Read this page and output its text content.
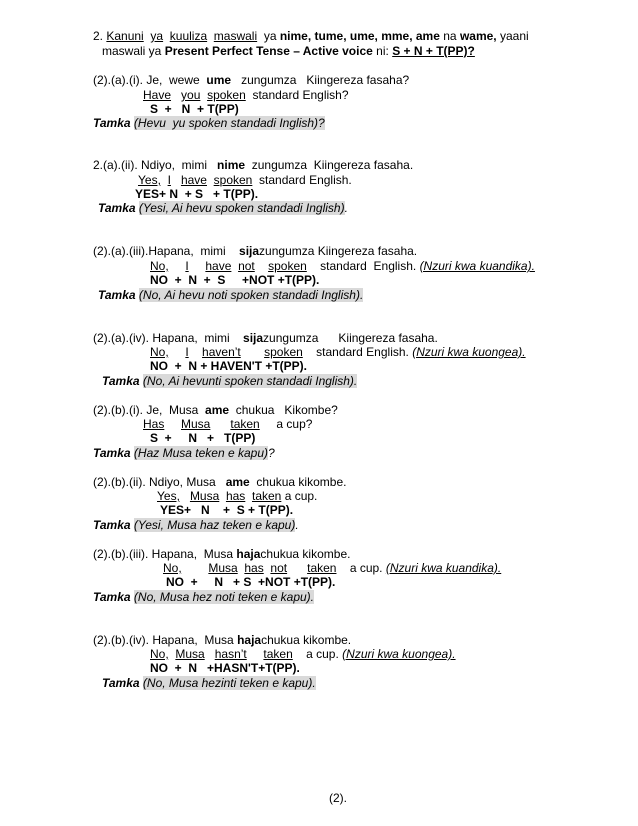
2. Kanuni ya kuuliza maswali ya nime, tume, ume, mme, ame na wame, yaani
maswali ya Present Perfect Tense – Active voice ni: S + N + T(PP)?
(2).(a).(i). Je,  wewe ume zungumza   Kiingereza fasaha?
Have you spoken standard English?
S  +   N  + T(PP)
Tamka (Hevu  yu spoken standadi Inglish)?
2.(a).(ii). Ndiyo,  mimi nime zungumza  Kiingereza fasaha.
Yes, I have spoken standard English.
YES+ N  + S   + T(PP).
Tamka (Yesi, Ai hevu spoken standadi Inglish).
(2).(a).(iii).Hapana,  mimi sijazungumza Kiingereza fasaha.
No, I have not spoken standard  English. (Nzuri kwa kuandika).
NO  +  N  +  S     +NOT +T(PP).
Tamka (No, Ai hevu noti spoken standadi Inglish).
(2).(a).(iv). Hapana,  mimi sijazungumza      Kiingereza fasaha.
No, I haven’t spoken standard English. (Nzuri kwa kuongea).
NO  +  N + HAVEN'T +T(PP).
Tamka (No, Ai hevunti spoken standadi Inglish).
(2).(b).(i). Je,  Musa ame chukua   Kikombe?
Has Musa taken a cup?
S  +     N   +   T(PP)
Tamka (Haz Musa teken e kapu)?
(2).(b).(ii). Ndiyo, Musa ame chukua kikombe.
Yes, Musa has taken a cup.
YES+   N    +  S + T(PP).
Tamka (Yesi, Musa haz teken e kapu).
(2).(b).(iii). Hapana,  Musa hajachukua kikombe.
No, Musa has not taken a cup. (Nzuri kwa kuandika).
NO  +     N   + S  +NOT +T(PP).
Tamka (No, Musa hez noti teken e kapu).
(2).(b).(iv). Hapana,  Musa hajachukua kikombe.
No, Musa hasn’t taken a cup. (Nzuri kwa kuongea).
NO  +  N   +HASN'T+T(PP).
Tamka (No, Musa hezinti teken e kapu).
(2).
